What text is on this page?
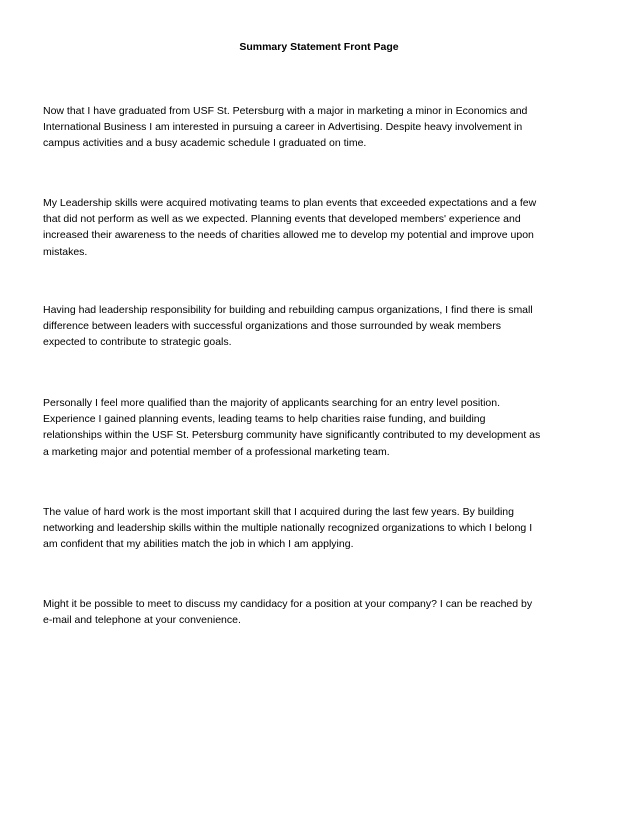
Summary Statement Front Page

Now that I have graduated from USF St. Petersburg with a major in marketing a minor in Economics and
International Business I am interested in pursuing a career in Advertising. Despite heavy involvement in
campus activities and a busy academic schedule I graduated on time.

My Leadership skills were acquired motivating teams to plan events that exceeded expectations and a few
that did not perform as well as we expected. Planning events that developed members' experience and
increased their awareness to the needs of charities allowed me to develop my potential and improve upon
mistakes.

Having had leadership responsibility for building and rebuilding campus organizations, I find there is small
difference between leaders with successful organizations and those surrounded by weak members
expected to contribute to strategic goals.

Personally I feel more qualified than the majority of applicants searching for an entry level position.
Experience I gained planning events, leading teams to help charities raise funding, and building
relationships within the USF St. Petersburg community have significantly contributed to my development as
a marketing major and potential member of a professional marketing team.

The value of hard work is the most important skill that I acquired during the last few years. By building
networking and leadership skills within the multiple nationally recognized organizations to which I belong I
am confident that my abilities match the job in which I am applying.

Might it be possible to meet to discuss my candidacy for a position at your company? I can be reached by
e-mail and telephone at your convenience.
